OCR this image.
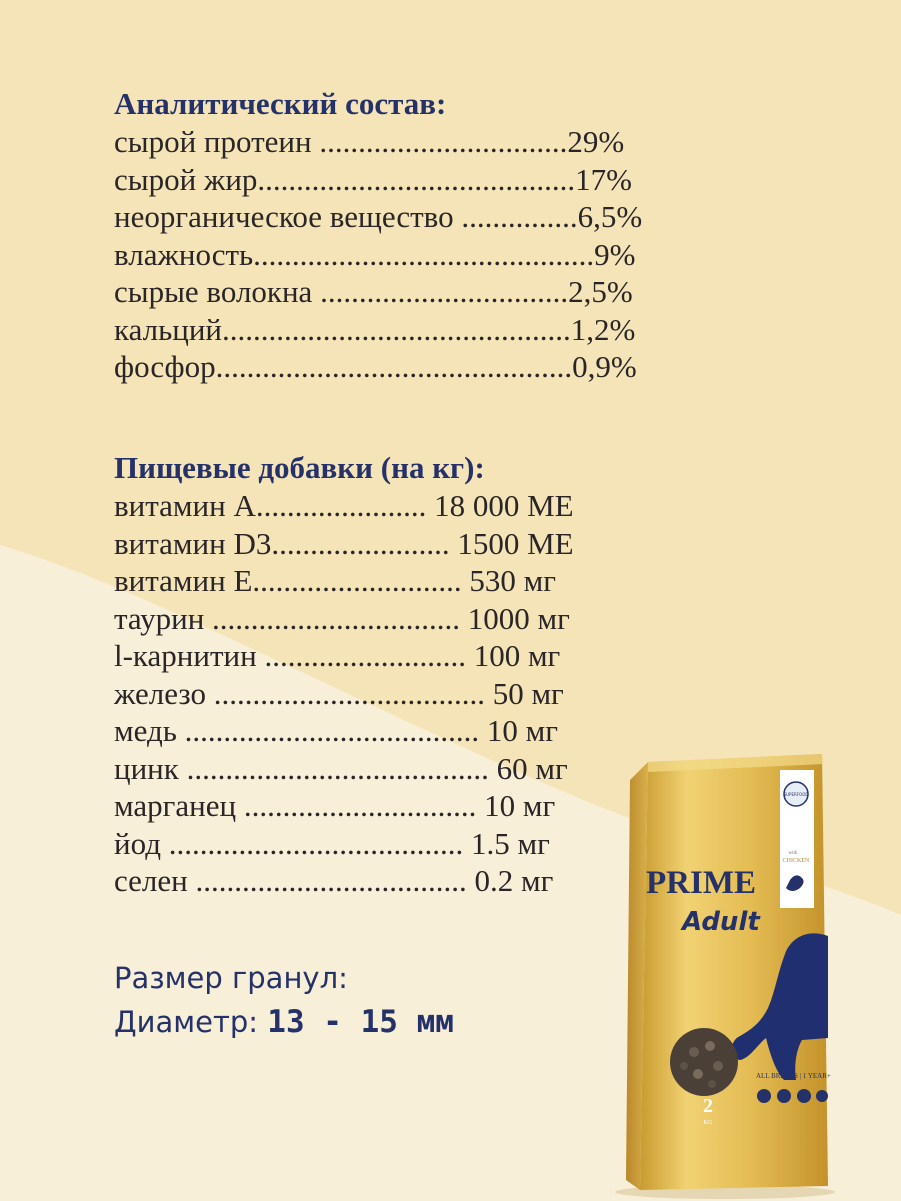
Аналитический состав:
сырой протеин ................................29%
сырой жир.........................................17%
неорганическое вещество ...............6,5%
влажность............................................9%
сырые волокна ................................2,5%
кальций.............................................1,2%
фосфор..............................................0,9%
Пищевые добавки (на кг):
витамин А...................... 18 000 МЕ
витамин D3....................... 1500 МЕ
витамин Е........................... 530 мг
таурин ................................ 1000 мг
l-карнитин .......................... 100 мг
железо ................................... 50 мг
медь ...................................... 10 мг
цинк ....................................... 60 мг
марганец .............................. 10 мг
йод ...................................... 1.5 мг
селен ................................... 0.2 мг
Размер гранул:
Диаметр: 13 - 15 мм
SUPERFOOD
with
CHICKEN
PRIME
Adult
ALL BREEDS | 1 YEAR+
2
KG
